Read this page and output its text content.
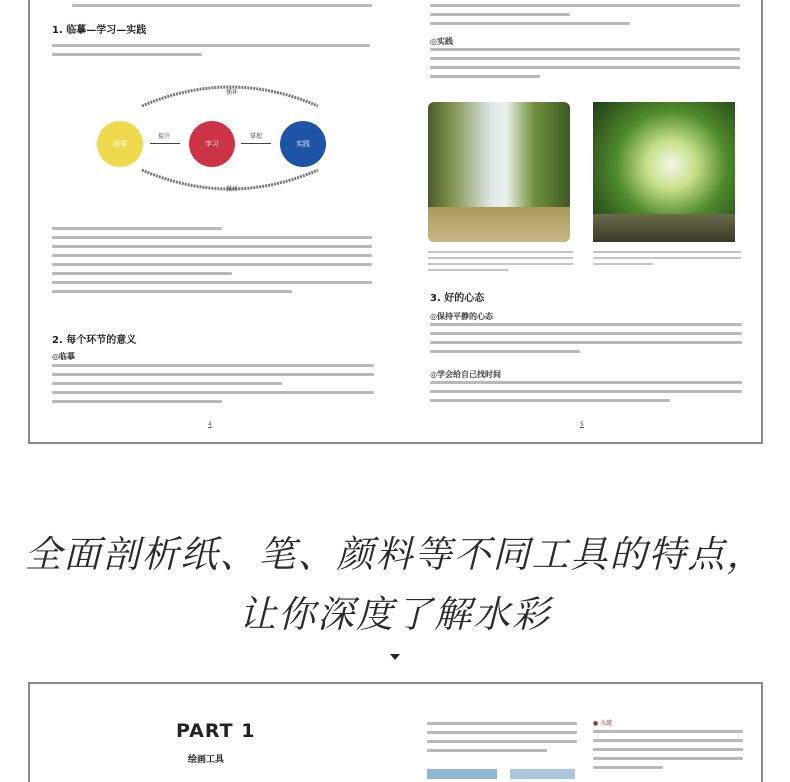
1. 临摹—学习—实践
循环
循环
临摹	学习	实践
提升	掌握
2. 每个环节的意义
◎临摹
4
◎实践
3. 好的心态
◎保持平静的心态
◎学会给自己找时间
5
全面剖析纸、笔、颜料等不同工具的特点，
让你深度了解水彩
PART 1
绘画工具
● 水罐
